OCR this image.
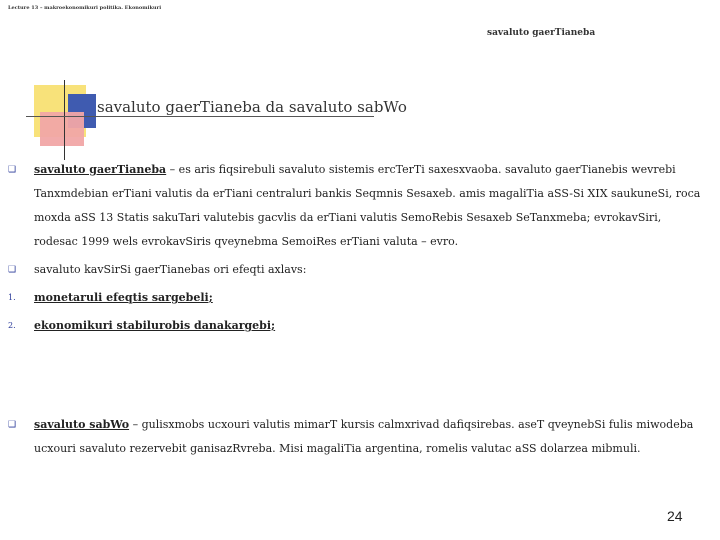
Lecture 13 – makroekonomikuri politika. Ekonomikuri
savaluto gaerTianeba
savaluto gaerTianeba da savaluto sabWo
❑ savaluto gaerTianeba – es aris fiqsirebuli savaluto sistemis ercTerTi saxesxvaoba. savaluto gaerTianebis wevrebi Tanxmdebian erTiani valutis da erTiani centraluri bankis Seqmnis Sesaxeb. amis magaliTia aSS-Si XIX saukuneSi, roca moxda aSS 13 Statis sakuTari valutebis gacvlis da erTiani valutis SemoRebis Sesaxeb SeTanxmeba; evrokavSiri, rodesac 1999 wels evrokavSiris qveynebma SemoiRes erTiani valuta – evro.
❑ savaluto kavSirSi gaerTianebas ori efeqti axlavs:
1. monetaruli efeqtis sargebeli;
2. ekonomikuri stabilurobis danakargebi;
❑ savaluto sabWo – gulisxmobs ucxouri valutis mimarT kursis calmxrivad dafiqsirebas. aseT qveynebSi fulis miwodeba ucxouri savaluto rezervebit ganisazRvreba. Misi magaliTia argentina, romelis valutac aSS dolarzea mibmuli.
24
